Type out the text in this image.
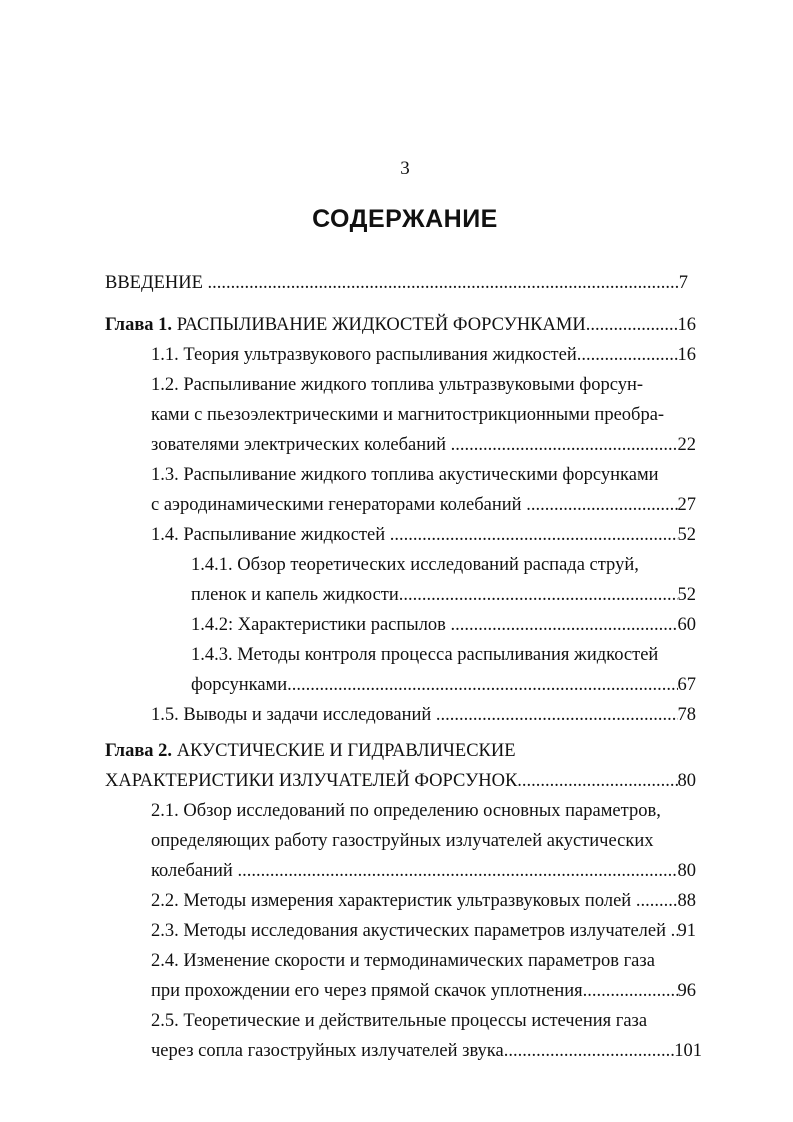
3
СОДЕРЖАНИЕ
ВВЕДЕНИЕ .....	7
Глава 1. РАСПЫЛИВАНИЕ ЖИДКОСТЕЙ ФОРСУНКАМИ .....	16
1.1. Теория ультразвукового распыливания жидкостей .....	16
1.2. Распыливание жидкого топлива ультразвуковыми форсун-
ками с пьезоэлектрическими и магнитострикционными преобра-
зователями электрических колебаний .....	22
1.3. Распыливание жидкого топлива акустическими форсунками
с аэродинамическими генераторами колебаний .....	27
1.4. Распыливание жидкостей .....	52
1.4.1. Обзор теоретических исследований распада струй,
пленок и капель жидкости .....	52
1.4.2: Характеристики распылов .....	60
1.4.3. Методы контроля процесса распыливания жидкостей
форсунками .....	67
1.5. Выводы и задачи исследований .....	78
Глава 2. АКУСТИЧЕСКИЕ И ГИДРАВЛИЧЕСКИЕ
ХАРАКТЕРИСТИКИ ИЗЛУЧАТЕЛЕЙ ФОРСУНОК .....	80
2.1. Обзор исследований по определению основных параметров,
определяющих работу газоструйных излучателей акустических
колебаний .....	80
2.2. Методы измерения характеристик ультразвуковых полей ..... 88
2.3. Методы исследования акустических параметров излучателей ..... 91
2.4. Изменение скорости и термодинамических параметров газа
при прохождении его через прямой скачок уплотнения .....	96
2.5. Теоретические и действительные процессы истечения газа
через сопла газоструйных излучателей звука .....	101
